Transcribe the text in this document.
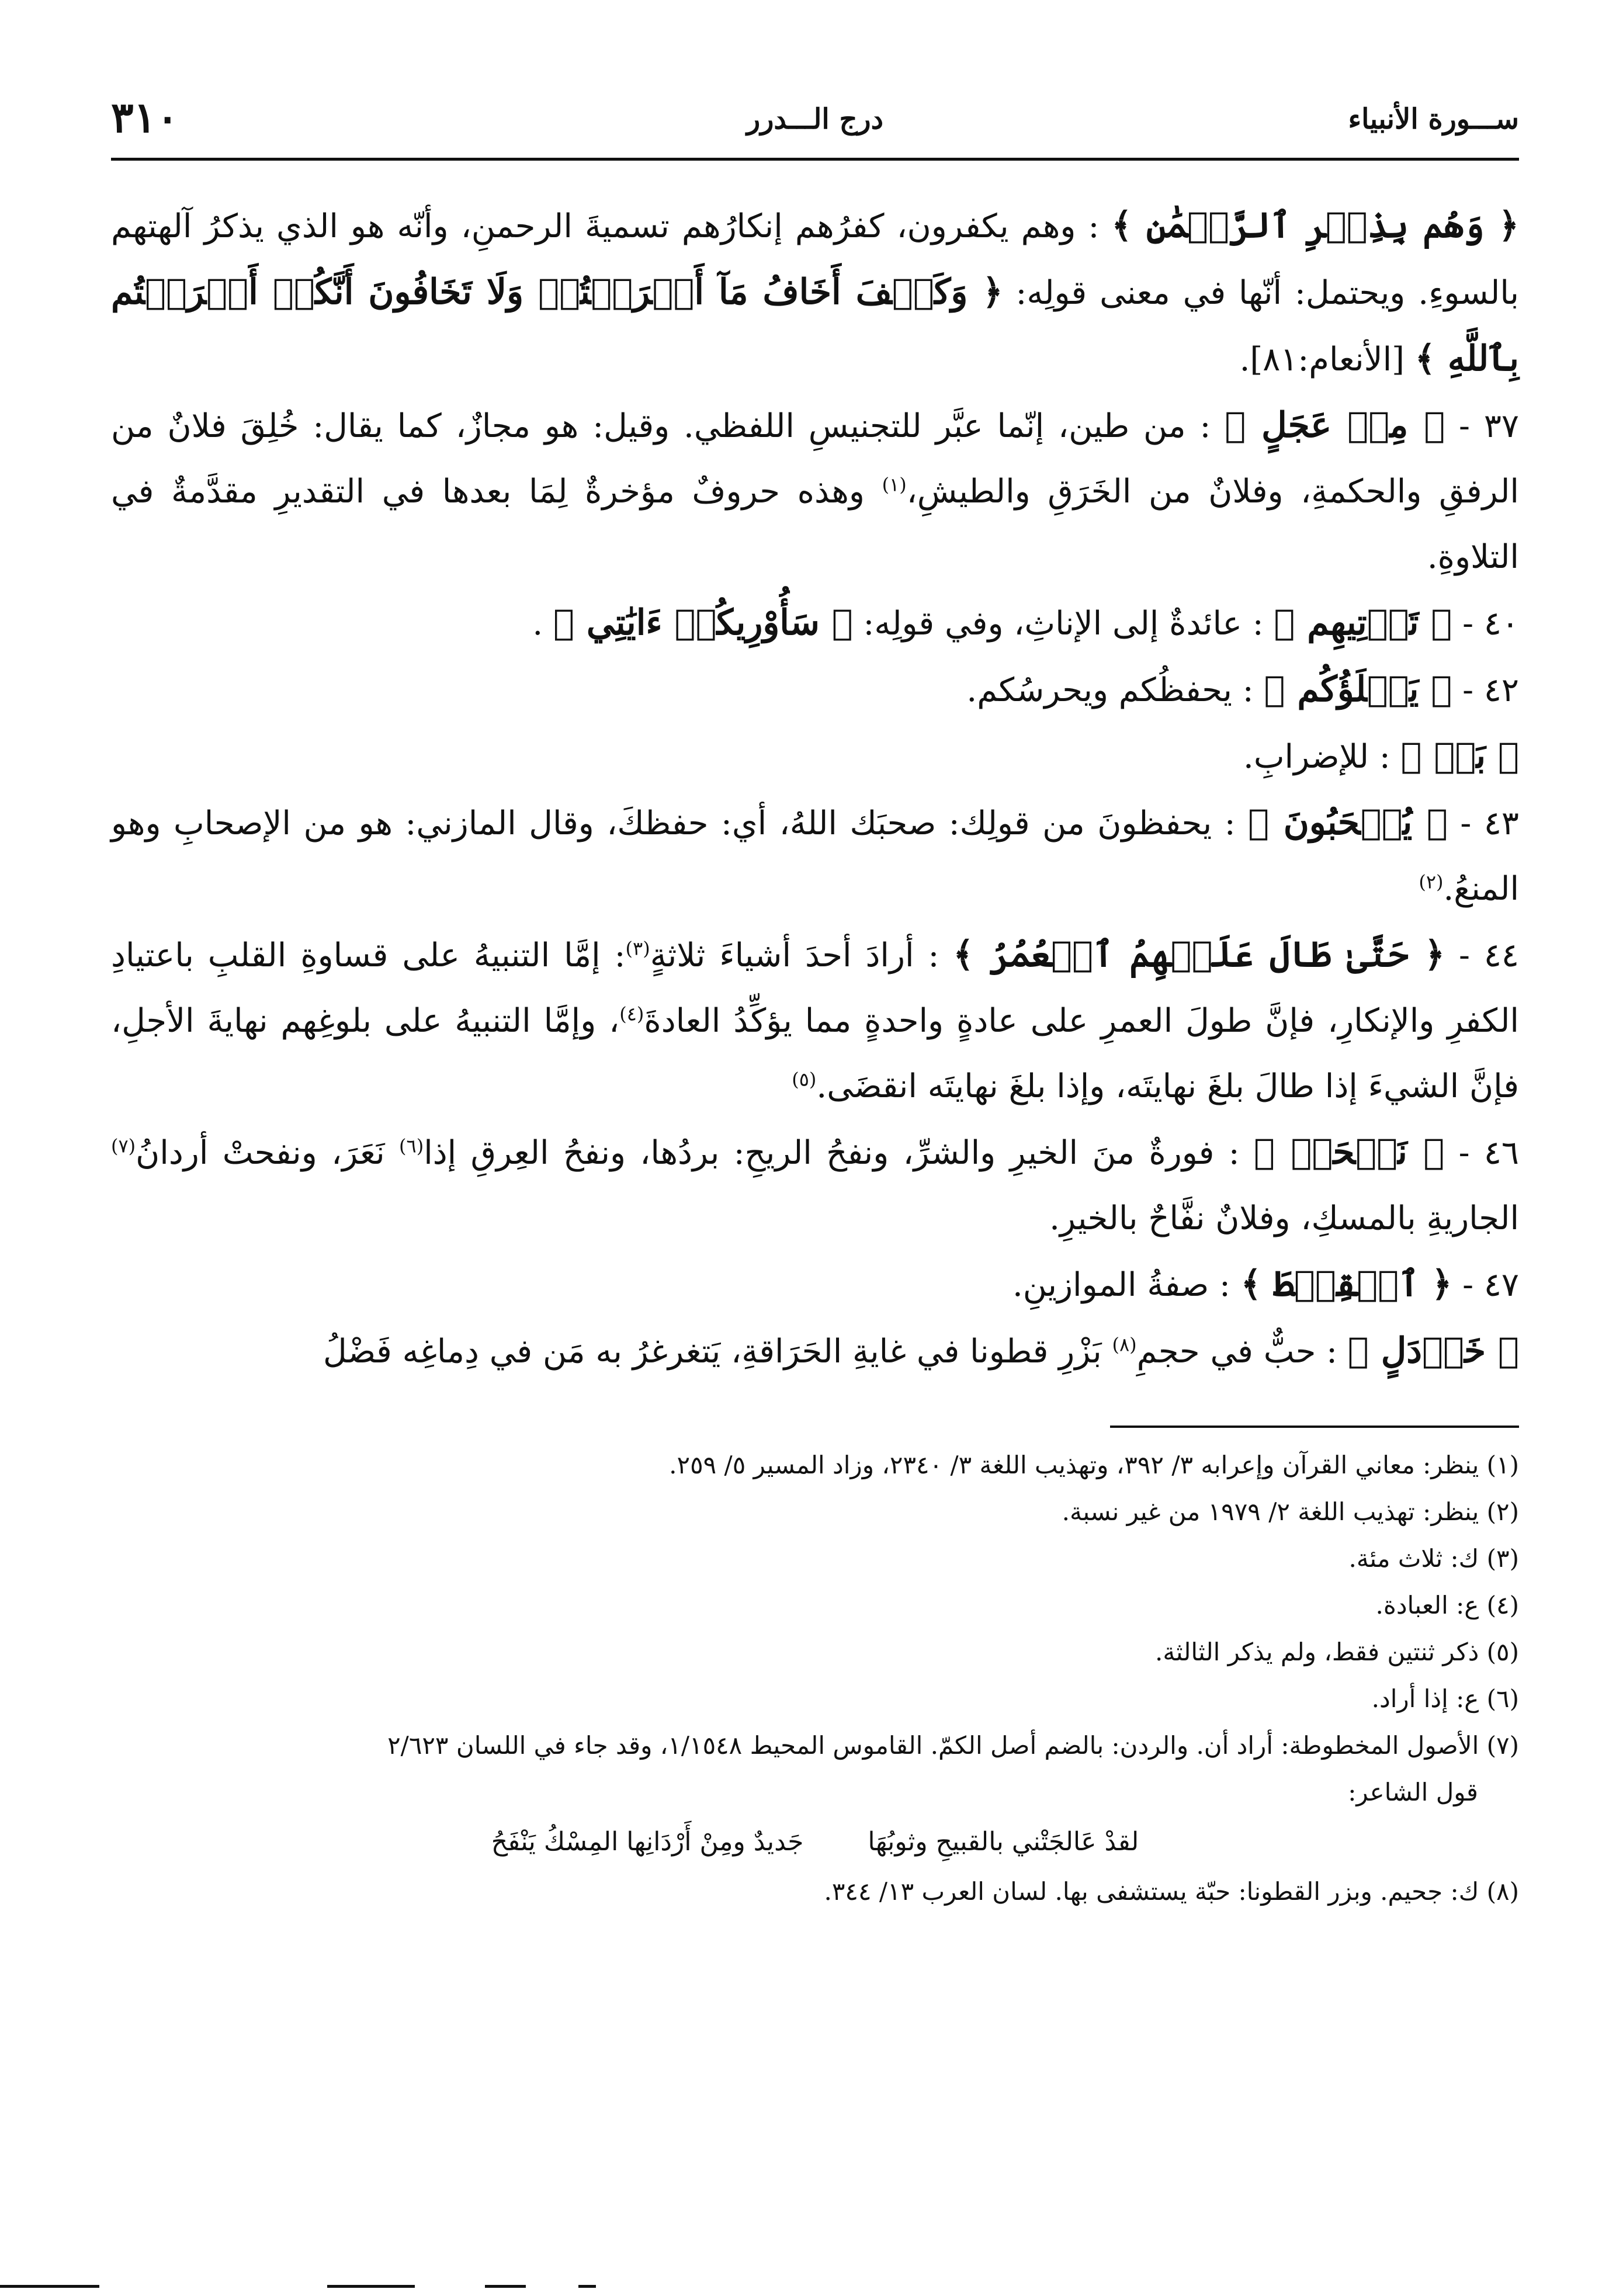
ســـورة الأنبياء
درج الـــدرر
٣١٠

﴿ وَهُم بِذِكۡرِ ٱلرَّحۡمَٰنِ ﴾ : وهم يكفرون، كفرُهم إنكارُهم تسميةَ الرحمنِ، وأنّه هو الذي يذكرُ آلهتهم بالسوءِ. ويحتمل: أنّها في معنى قولِه: ﴿ وَكَيۡفَ أَخَافُ مَآ أَشۡرَكۡتُمۡ وَلَا تَخَافُونَ أَنَّكُمۡ أَشۡرَكۡتُم بِٱللَّهِ ﴾ [الأنعام:٨١].

٣٧ - ﴿ مِنۡ عَجَلٍ ﴾ : من طين، إنّما عبَّر للتجنيسِ اللفظي. وقيل: هو مجازٌ، كما يقال: خُلِقَ فلانٌ من الرفقِ والحكمةِ، وفلانٌ من الخَرَقِ والطيشِ،$^{(١)}$ وهذه حروفٌ مؤخرةٌ لِمَا بعدها في التقديرِ مقدَّمةٌ في التلاوةِ.

٤٠ - ﴿ تَأۡتِيهِم ﴾ : عائدةٌ إلى الإناثِ، وفي قولِه: ﴿ سَأُوْرِيكُمۡ ءَايَٰتِي ﴾ .

٤٢ - ﴿ يَكۡلَؤُكُم ﴾ : يحفظُكم ويحرسُكم.

﴿ بَلۡ ﴾ : للإضرابِ.

٤٣ - ﴿ يُصۡحَبُونَ ﴾ : يحفظونَ من قولِك: صحبَك اللهُ، أي: حفظكَ، وقال المازني: هو من الإصحابِ وهو المنعُ.$^{(٢)}$

٤٤ - ﴿ حَتَّىٰ طَالَ عَلَيۡهِمُ ٱلۡعُمُرُ ﴾ : أرادَ أحدَ أشياءَ ثلاثةٍ$^{(٣)}$: إمَّا التنبيهُ على قساوةِ القلبِ باعتيادِ الكفرِ والإنكارِ، فإنَّ طولَ العمرِ على عادةٍ واحدةٍ مما يؤكِّدُ العادةَ$^{(٤)}$، وإمَّا التنبيهُ على بلوغِهم نهايةَ الأجلِ، فإنَّ الشيءَ إذا طالَ بلغَ نهايتَه، وإذا بلغَ نهايتَه انقضَى.$^{(٥)}$

٤٦ - ﴿ نَفۡحَةٞ ﴾ : فورةٌ منَ الخيرِ والشرِّ، ونفحُ الريحِ: بردُها، ونفحُ العِرقِ إذا$^{(٦)}$ نَعَرَ، ونفحتْ أردانُ$^{(٧)}$ الجاريةِ بالمسكِ، وفلانٌ نفَّاحٌ بالخيرِ.

٤٧ - ﴿ ٱلۡقِسۡطَ ﴾ : صفةُ الموازينِ.

﴿ خَرۡدَلٍ ﴾ : حبٌّ في حجمِ$^{(٨)}$ بَزْرِ قطونا في غايةِ الحَرَاقةِ، يَتغرغرُ به مَن في دِماغِه فَضْلُ

(١) ينظر: معاني القرآن وإعرابه ٣/ ٣٩٢، وتهذيب اللغة ٣/ ٢٣٤٠، وزاد المسير ٥/ ٢٥٩.

(٢) ينظر: تهذيب اللغة ٢/ ١٩٧٩ من غير نسبة.

(٣) ك: ثلاث مئة.

(٤) ع: العبادة.

(٥) ذكر ثنتين فقط، ولم يذكر الثالثة.

(٦) ع: إذا أراد.

(٧) الأصول المخطوطة: أراد أن. والردن: بالضم أصل الكمّ. القاموس المحيط ١/١٥٤٨، وقد جاء في اللسان ٢/٦٢٣

قول الشاعر:

لقدْ عَالجَتْني بالقبيحِ وثوبُهَا
جَديدٌ ومِنْ أَرْدَانِها المِسْكُ يَنْفَحُ

(٨) ك: جحيم. وبزر القطونا: حبّة يستشفى بها. لسان العرب ١٣/ ٣٤٤.
